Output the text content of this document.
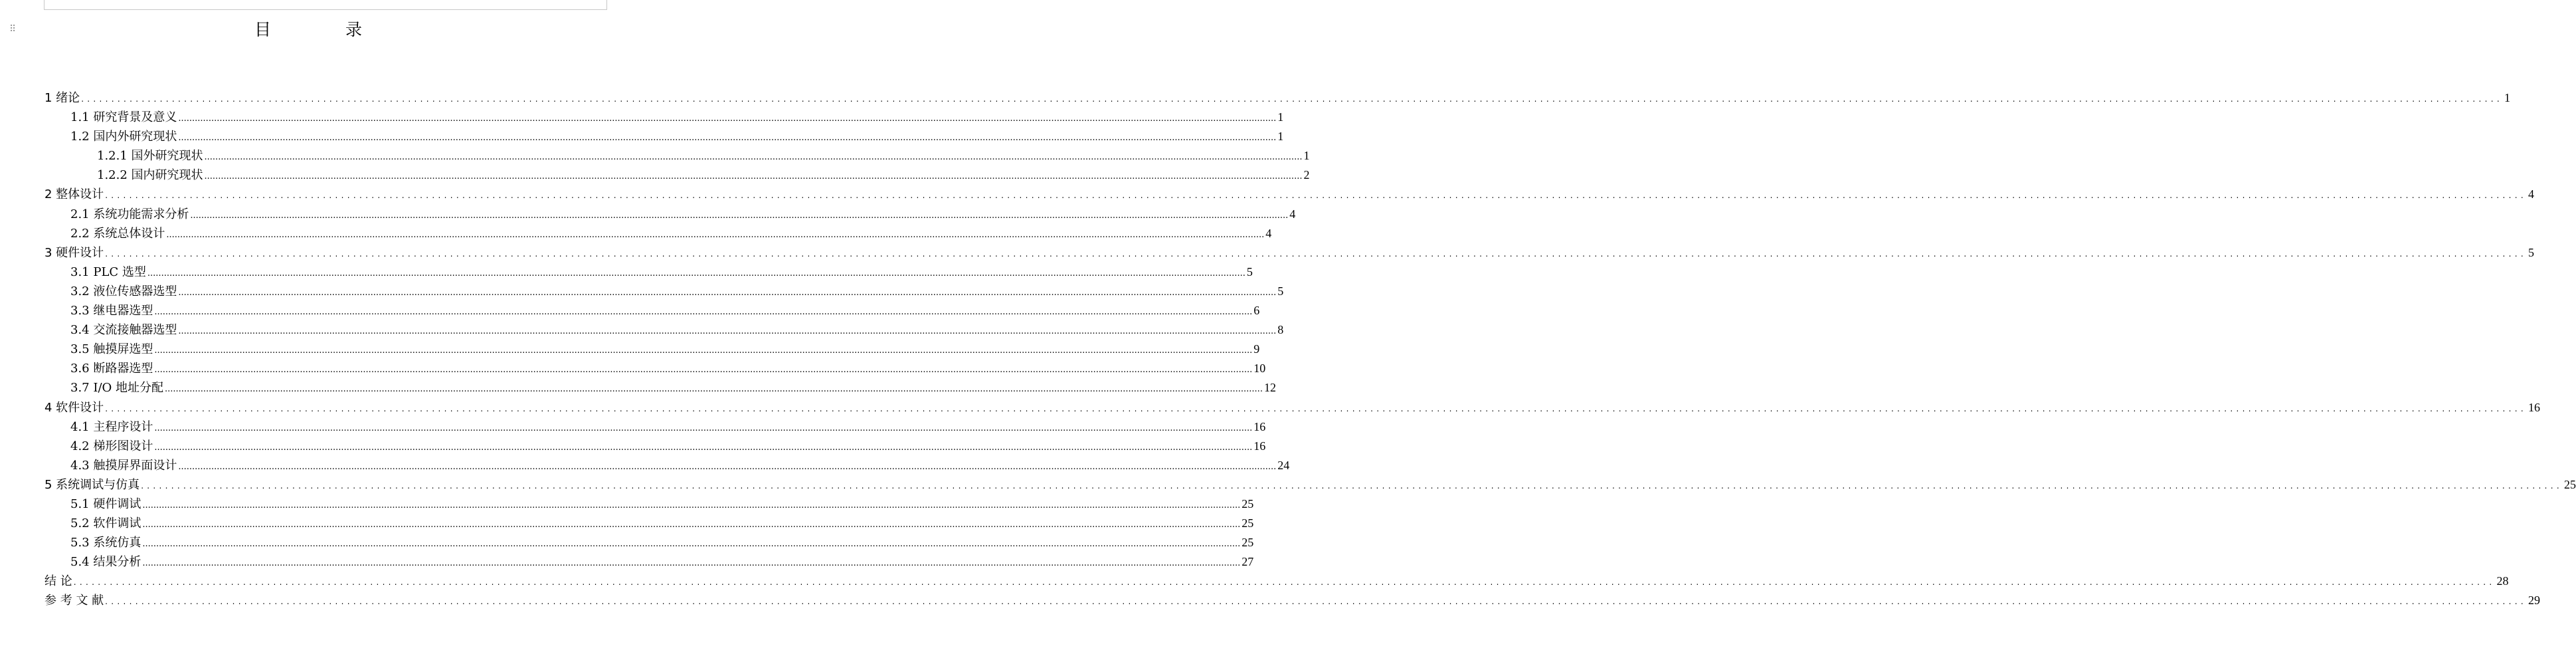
⠿	目 录
1 绪论 ................................................................................................................................................................................................................................................................................................................................................................................................................ 1
1.1 研究背景及意义 ................................................................................................................................................................................................................................................................................................................................................................................................................ 1
1.2 国内外研究现状 ................................................................................................................................................................................................................................................................................................................................................................................................................ 1
1.2.1 国外研究现状 ................................................................................................................................................................................................................................................................................................................................................................................................................ 1
1.2.2 国内研究现状 ................................................................................................................................................................................................................................................................................................................................................................................................................ 2
2 整体设计 ................................................................................................................................................................................................................................................................................................................................................................................................................ 4
2.1 系统功能需求分析 ................................................................................................................................................................................................................................................................................................................................................................................................................ 4
2.2 系统总体设计 ................................................................................................................................................................................................................................................................................................................................................................................................................ 4
3 硬件设计 ................................................................................................................................................................................................................................................................................................................................................................................................................ 5
3.1 PLC 选型 ................................................................................................................................................................................................................................................................................................................................................................................................................ 5
3.2 液位传感器选型 ................................................................................................................................................................................................................................................................................................................................................................................................................ 5
3.3 继电器选型 ................................................................................................................................................................................................................................................................................................................................................................................................................ 6
3.4 交流接触器选型 ................................................................................................................................................................................................................................................................................................................................................................................................................ 8
3.5 触摸屏选型 ................................................................................................................................................................................................................................................................................................................................................................................................................ 9
3.6 断路器选型 ................................................................................................................................................................................................................................................................................................................................................................................................................ 10
3.7 I/O 地址分配 ................................................................................................................................................................................................................................................................................................................................................................................................................ 12
4 软件设计 ................................................................................................................................................................................................................................................................................................................................................................................................................ 16
4.1 主程序设计 ................................................................................................................................................................................................................................................................................................................................................................................................................ 16
4.2 梯形图设计 ................................................................................................................................................................................................................................................................................................................................................................................................................ 16
4.3 触摸屏界面设计 ................................................................................................................................................................................................................................................................................................................................................................................................................ 24
5 系统调试与仿真 ................................................................................................................................................................................................................................................................................................................................................................................................................ 25
5.1 硬件调试 ................................................................................................................................................................................................................................................................................................................................................................................................................ 25
5.2 软件调试 ................................................................................................................................................................................................................................................................................................................................................................................................................ 25
5.3 系统仿真 ................................................................................................................................................................................................................................................................................................................................................................................................................ 25
5.4 结果分析 ................................................................................................................................................................................................................................................................................................................................................................................................................ 27
结 论 ................................................................................................................................................................................................................................................................................................................................................................................................................ 28
参 考 文 献 ................................................................................................................................................................................................................................................................................................................................................................................................................ 29
